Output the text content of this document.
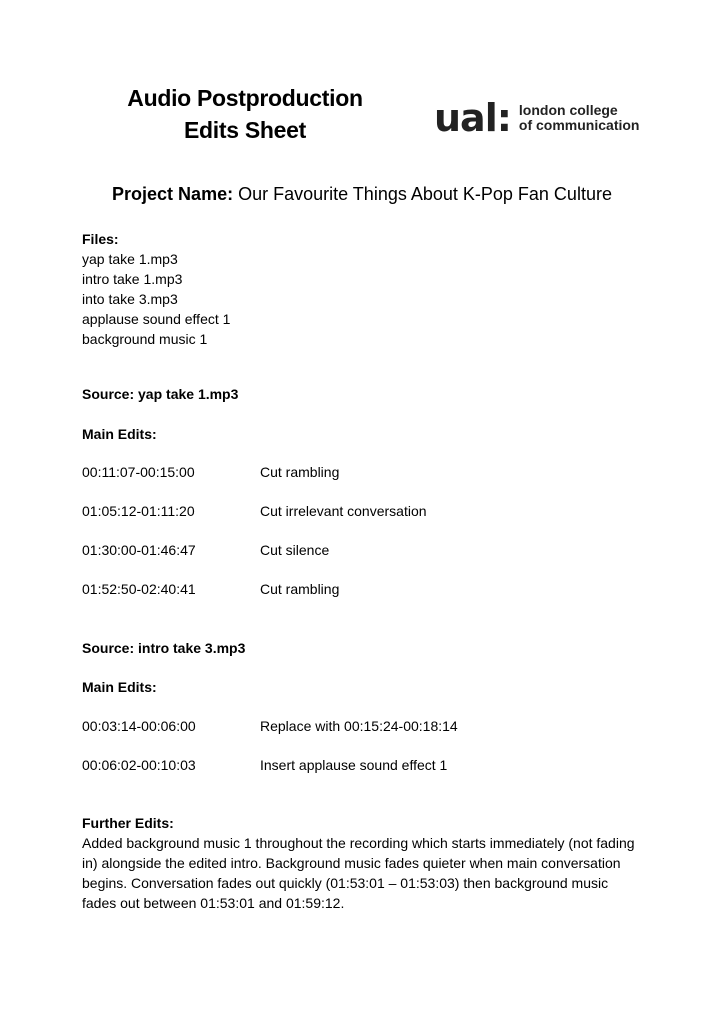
Audio Postproduction
Edits Sheet	ual: london college
of communication
Project Name: Our Favourite Things About K-Pop Fan Culture
Files:
yap take 1.mp3
intro take 1.mp3
into take 3.mp3
applause sound effect 1
background music 1
Source: yap take 1.mp3
Main Edits:
00:11:07-00:15:00	Cut rambling
01:05:12-01:11:20	Cut irrelevant conversation
01:30:00-01:46:47	Cut silence
01:52:50-02:40:41	Cut rambling
Source: intro take 3.mp3
Main Edits:
00:03:14-00:06:00	Replace with 00:15:24-00:18:14
00:06:02-00:10:03	Insert applause sound effect 1
Further Edits:
Added background music 1 throughout the recording which starts immediately (not fading in) alongside the edited intro. Background music fades quieter when main conversation begins. Conversation fades out quickly (01:53:01 – 01:53:03) then background music fades out between 01:53:01 and 01:59:12.
